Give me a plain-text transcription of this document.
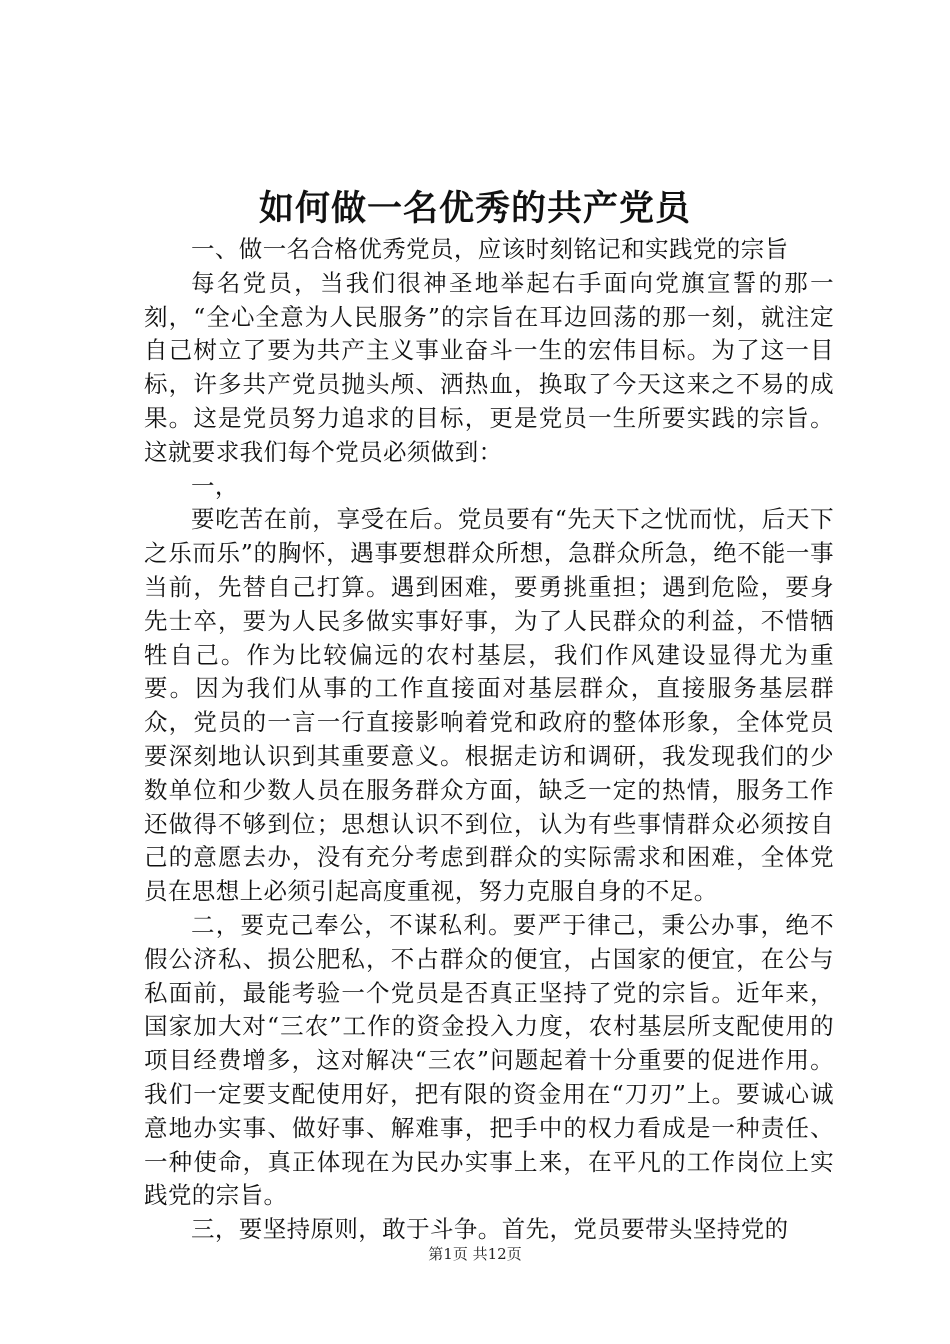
如何做一名优秀的共产党员

一、做一名合格优秀党员，应该时刻铭记和实践党的宗旨

每名党员，当我们很神圣地举起右手面向党旗宣誓的那一刻，“全心全意为人民服务”的宗旨在耳边回荡的那一刻，就注定自己树立了要为共产主义事业奋斗一生的宏伟目标。为了这一目标，许多共产党员抛头颅、洒热血，换取了今天这来之不易的成果。这是党员努力追求的目标，更是党员一生所要实践的宗旨。这就要求我们每个党员必须做到：

一，

要吃苦在前，享受在后。党员要有“先天下之忧而忧，后天下之乐而乐”的胸怀，遇事要想群众所想，急群众所急，绝不能一事当前，先替自己打算。遇到困难，要勇挑重担；遇到危险，要身先士卒，要为人民多做实事好事，为了人民群众的利益，不惜牺牲自己。作为比较偏远的农村基层，我们作风建设显得尤为重要。因为我们从事的工作直接面对基层群众，直接服务基层群众，党员的一言一行直接影响着党和政府的整体形象，全体党员要深刻地认识到其重要意义。根据走访和调研，我发现我们的少数单位和少数人员在服务群众方面，缺乏一定的热情，服务工作还做得不够到位；思想认识不到位，认为有些事情群众必须按自己的意愿去办，没有充分考虑到群众的实际需求和困难，全体党员在思想上必须引起高度重视，努力克服自身的不足。

二，要克己奉公，不谋私利。要严于律己，秉公办事，绝不假公济私、损公肥私，不占群众的便宜，占国家的便宜，在公与私面前，最能考验一个党员是否真正坚持了党的宗旨。近年来，国家加大对“三农”工作的资金投入力度，农村基层所支配使用的项目经费增多，这对解决“三农”问题起着十分重要的促进作用。我们一定要支配使用好，把有限的资金用在“刀刃”上。要诚心诚意地办实事、做好事、解难事，把手中的权力看成是一种责任、一种使命，真正体现在为民办实事上来，在平凡的工作岗位上实践党的宗旨。

三，要坚持原则，敢于斗争。首先，党员要带头坚持党的

第1页 共12页
